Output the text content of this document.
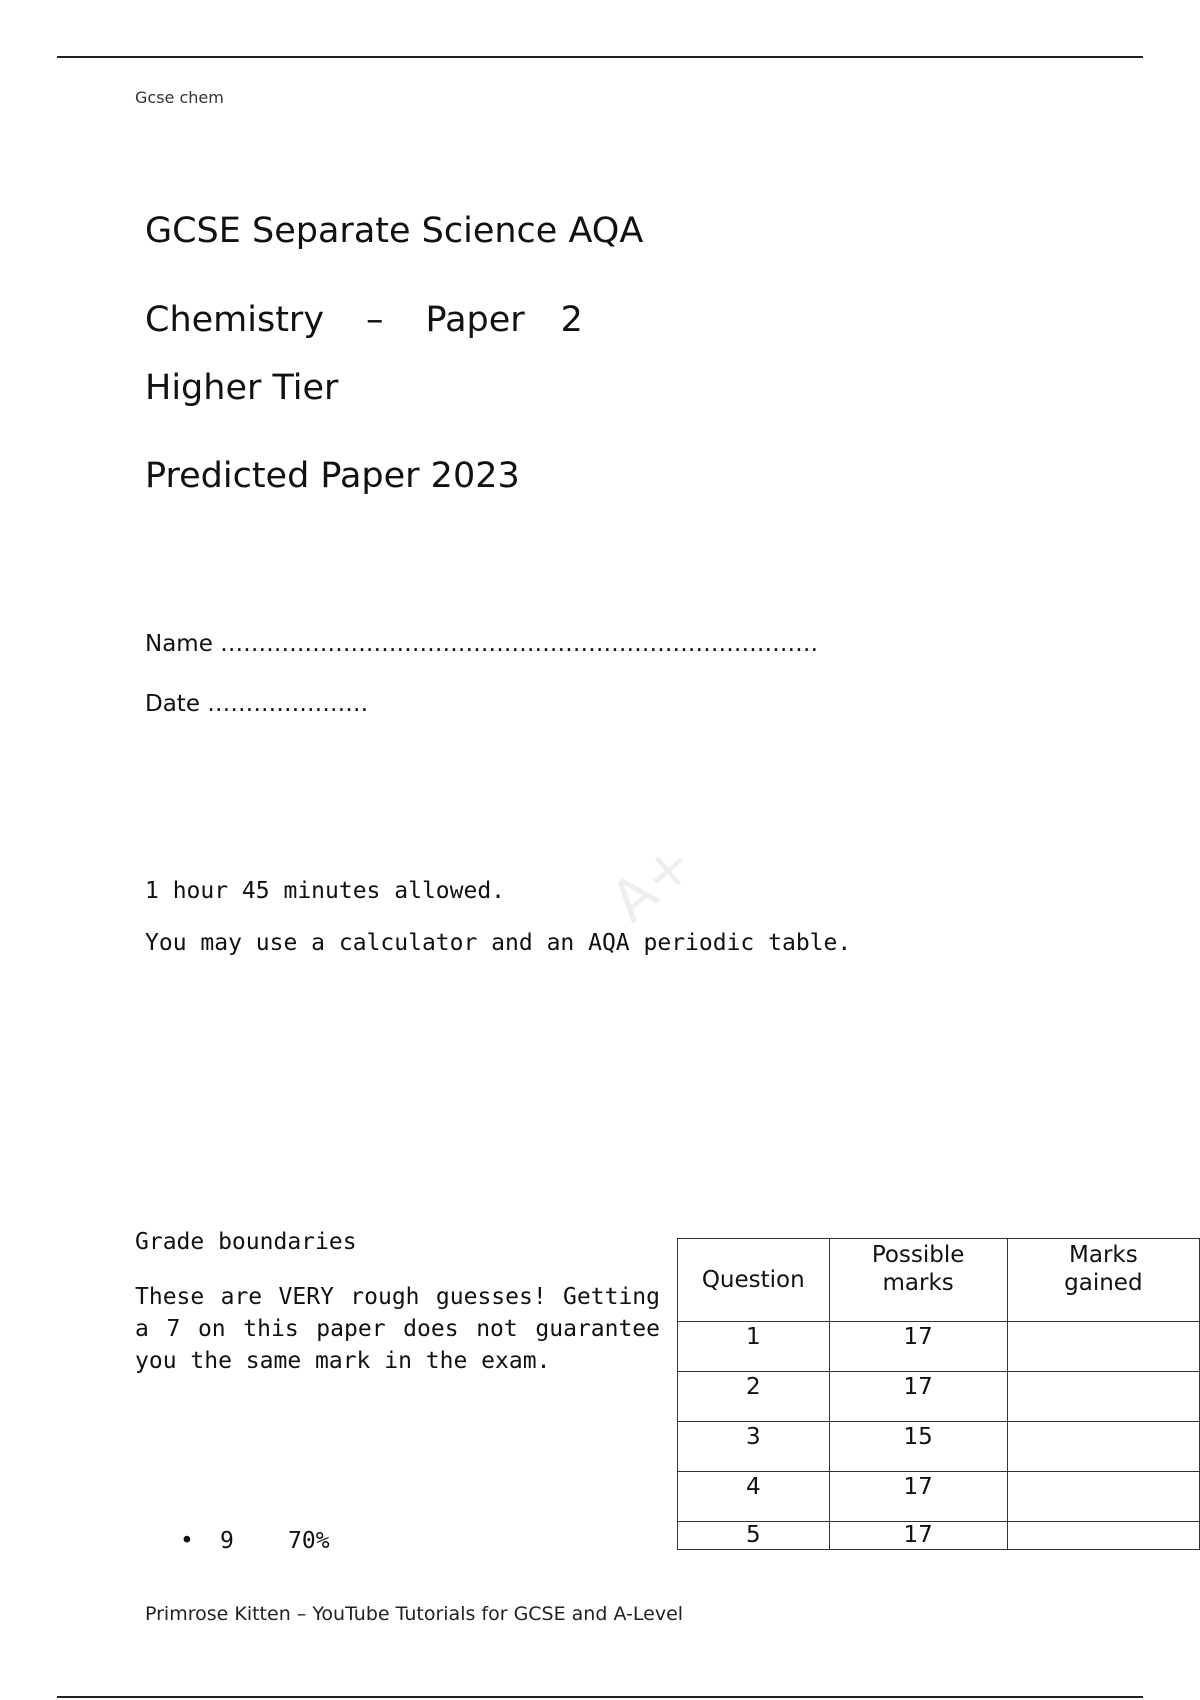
Gcse chem
GCSE Separate Science AQA
Chemistry – Paper 2
Higher Tier
Predicted Paper 2023
Name ……………………………………………………………………
Date …………………
A+
1 hour 45 minutes allowed.
You may use a calculator and an AQA periodic table.
Grade boundaries
These are VERY rough guesses! Getting a 7 on this paper does not guarantee you the same mark in the exam.
•	9	70%
Question	Possible marks	Marks gained
1	17	
2	17	
3	15	
4	17	
5	17	
Primrose Kitten – YouTube Tutorials for GCSE and A-Level
